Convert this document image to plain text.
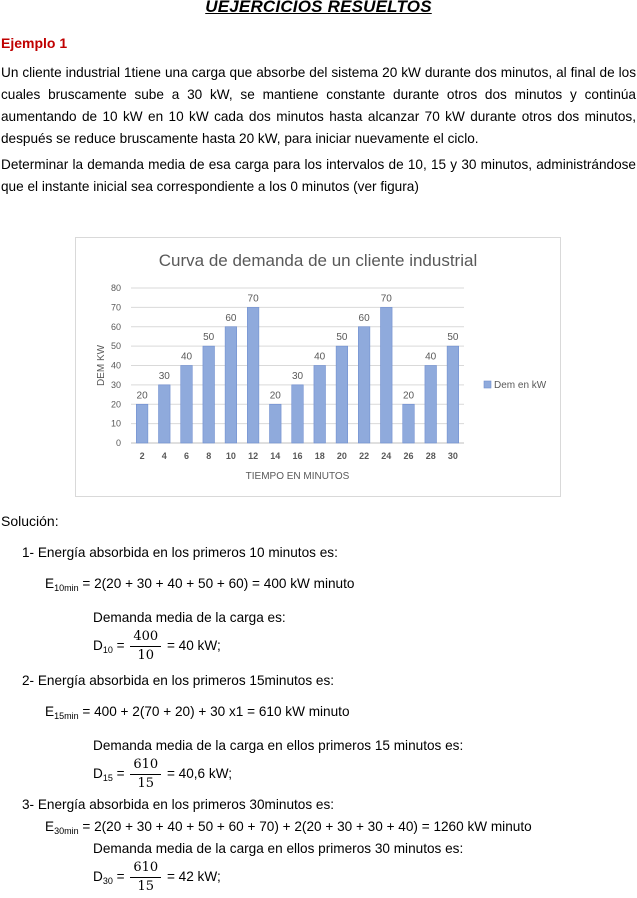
UEJERCICIOS RESUELTOS
Ejemplo 1
Un cliente industrial 1tiene una carga que absorbe del sistema 20 kW durante dos minutos, al final de los cuales bruscamente sube a 30 kW, se mantiene constante durante otros dos minutos y continúa aumentando de 10 kW en 10 kW cada dos minutos hasta alcanzar 70 kW durante otros dos minutos, después se reduce bruscamente hasta 20 kW, para iniciar nuevamente el ciclo.
Determinar la demanda media de esa carga para los intervalos de 10, 15 y 30 minutos, administrándose que el instante inicial sea correspondiente a los 0 minutos (ver figura)
Curva de demanda de un cliente industrial
0
10
20
30
40
50
60
70
80
DEM KW
20
2
30
4
40
6
50
8
60
10
70
12
20
14
30
16
40
18
50
20
60
22
70
24
20
26
40
28
50
30
TIEMPO EN MINUTOS
Dem en kW
Solución:
1- Energía absorbida en los primeros 10 minutos es:
$E_{10min} = 2(20 + 30 + 40 + 50 + 60) = 400$ kW minuto
Demanda media de la carga es:
$D_{10} = \frac{400}{10} = 40$ kW;
2- Energía absorbida en los primeros 15minutos es:
$E_{15min} = 400 + 2(70 + 20) + 30$ x1 = 610 kW minuto
Demanda media de la carga en ellos primeros 15 minutos es:
$D_{15} = \frac{610}{15} = 40,6$ kW;
3- Energía absorbida en los primeros 30minutos es:
$E_{30min} = 2(20 + 30 + 40 + 50 + 60 + 70) + 2(20 + 30 + 30 + 40) = 1260$ kW minuto
Demanda media de la carga en ellos primeros 30 minutos es:
$D_{30} = \frac{610}{15} = 42$ kW;
